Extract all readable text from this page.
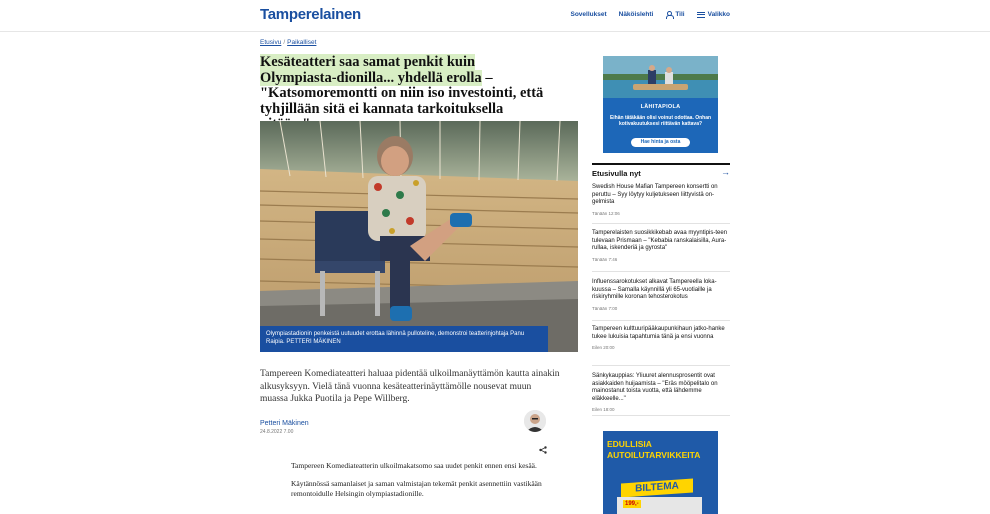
Tamperelainen	Sovellukset Näköislehti	Tili	Valikko
Etusivu / Paikalliset
Kesäteatteri saa samat penkit kuin Olympiasta-dionilla... yhdellä erolla – "Katsomoremontti on niin iso investointi, että tyhjillään sitä ei kannata tarkoituksella
Olympiastadionin penkeistä uutuudet erottaa lähinnä pulloteline, demonstroi teatterinjohtaja Panu Raipia. PETTERI MÄKINEN

Tampereen Komediateatteri haluaa pidentää ulkoilmanäyttämön kautta ainakin alkusyksyyn. Vielä tänä vuonna kesäteatterinäyttämölle nousevat muun muassa Jukka Puotila ja Pepe Willberg.

Petteri Mäkinen
24.8.2022 7.00

Tampereen Komediateatterin ulkoilmakatsomo saa uudet penkit ennen ensi kesää.

Käytännössä samanlaiset ja saman valmistajan tekemät penkit asennettiin vastikään remontoidulle Helsingin olympiastadionille.

LÄHITAPIOLA
Eihän tätäkään olisi voinut odottaa. Onhan kotivakuutuksesi riittävän kattava?
Hae hinta ja osta
Etusivulla nyt	→
Swedish House Mafian Tampereen konsertti on peruttu – Syy löytyy kuljetukseen liittyvistä on-gelmista
Tänään 12:06
Tamperelaisten suosikkikebab avaa myyntipis-teen tulevaan Prismaan – "Kebabia ranskalaisilla, Aura-rullaa, iskenderiä ja gyrosta"
Tänään 7:46
Influenssarokotukset alkavat Tampereella loka-kuussa – Samalla käynnillä yli 65-vuotiaille ja riskiryhmille koronan tehosterokotus
Tänään 7:00
Tampereen kulttuuripääkaupunkihaun jatko-hanke tukee lukuisia tapahtumia tänä ja ensi vuonna
Eilen 20:00
Sänkykauppias: Yliuuret alennusprosentit ovat asiakkaiden huijaamista – "Eräs mööpelitalo on mainostanut toista vuotta, että lähdemme eläkkeelle..."
Eilen 18:00
EDULLISIA
AUTOILUTARVIKKEITA
BILTEMA
199,-
